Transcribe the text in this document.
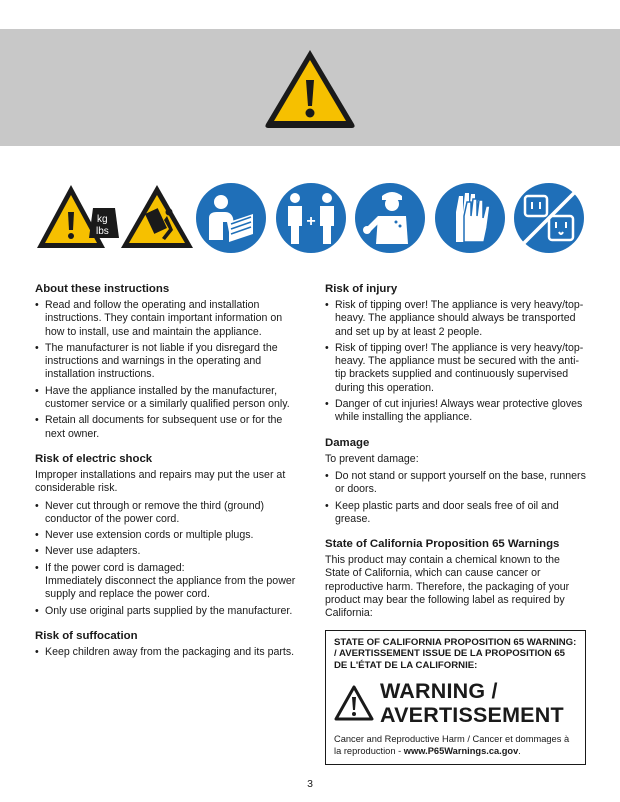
kg
lbs
+
About these instructions
• Read and follow the operating and installation instructions. They contain important information on how to install, use and maintain the appliance.
• The manufacturer is not liable if you disregard the instructions and warnings in the operating and installation instructions.
• Have the appliance installed by the manufacturer, customer service or a similarly qualified person only.
• Retain all documents for subsequent use or for the next owner.
Risk of electric shock

Improper installations and repairs may put the user at considerable risk.

• Never cut through or remove the third (ground) conductor of the power cord.
• Never use extension cords or multiple plugs.
• Never use adapters.
• If the power cord is damaged:
Immediately disconnect the appliance from the power supply and replace the power cord.
• Only use original parts supplied by the manufacturer.
Risk of suffocation
• Keep children away from the packaging and its parts.
Risk of injury
• Risk of tipping over! The appliance is very heavy/top-heavy. The appliance should always be transported and set up by at least 2 people.
• Risk of tipping over! The appliance is very heavy/top-heavy. The appliance must be secured with the anti-tip brackets supplied and continuously supervised during this operation.
• Danger of cut injuries! Always wear protective gloves while installing the appliance.
Damage

To prevent damage:

• Do not stand or support yourself on the base, runners or doors.
• Keep plastic parts and door seals free of oil and grease.
State of California Proposition 65 Warnings

This product may contain a chemical known to the State of California, which can cause cancer or reproductive harm. Therefore, the packaging of your product may bear the following label as required by California:

STATE OF CALIFORNIA PROPOSITION 65 WARNING: / AVERTISSEMENT ISSUE DE LA PROPOSITION 65 DE L'ÉTAT DE LA CALIFORNIE:
WARNING /
AVERTISSEMENT
Cancer and Reproductive Harm / Cancer et dommages à la reproduction - www.P65Warnings.ca.gov.
3
